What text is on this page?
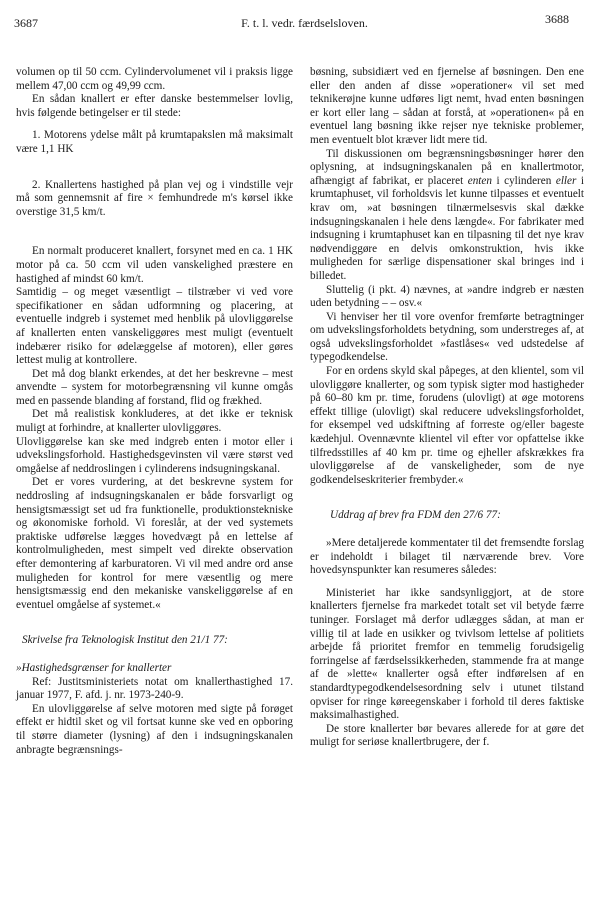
3687	F. t. l. vedr. færdselsloven.	3688

volumen op til 50 ccm. Cylindervolumenet vil i praksis ligge mellem 47,00 ccm og 49,99 ccm.

En sådan knallert er efter danske bestemmelser lovlig, hvis følgende betingelser er til stede:

1. Motorens ydelse målt på krumtapakslen må maksimalt være 1,1 HK

2. Knallertens hastighed på plan vej og i vindstille vejr må som gennemsnit af fire × femhundrede m's kørsel ikke overstige 31,5 km/t.

En normalt produceret knallert, forsynet med en ca. 1 HK motor på ca. 50 ccm vil uden vanskelighed præstere en hastighed af mindst 60 km/t.

Samtidig – og meget væsentligt – tilstræber vi ved vore specifikationer en sådan udformning og placering, at eventuelle indgreb i systemet med henblik på ulovliggørelse af knallerten enten vanskeliggøres mest muligt (eventuelt indebærer risiko for ødelæggelse af motoren), eller gøres lettest mulig at kontrollere.

Det må dog blankt erkendes, at det her beskrevne – mest anvendte – system for motorbegrænsning vil kunne omgås med en passende blanding af forstand, flid og frækhed.

Det må realistisk konkluderes, at det ikke er teknisk muligt at forhindre, at knallerter ulovliggøres.

Ulovliggørelse kan ske med indgreb enten i motor eller i udvekslingsforhold. Hastighedsgevinsten vil være størst ved omgåelse af neddroslingen i cylinderens indsugningskanal.

Det er vores vurdering, at det beskrevne system for neddrosling af indsugningskanalen er både forsvarligt og hensigtsmæssigt set ud fra funktionelle, produktionstekniske og økonomiske forhold. Vi foreslår, at der ved systemets praktiske udførelse lægges hovedvægt på en lettelse af kontrolmuligheden, mest simpelt ved direkte observation efter demontering af karburatoren. Vi vil med andre ord anse muligheden for kontrol for mere væsentlig og mere hensigtsmæssig end den mekaniske vanskeliggørelse af en eventuel omgåelse af systemet.«

Skrivelse fra Teknologisk Institut den 21/1 77:

»Hastighedsgrænser for knallerter

Ref: Justitsministeriets notat om knallerthastighed 17. januar 1977, F. afd. j. nr. 1973-240-9.

En ulovliggørelse af selve motoren med sigte på forøget effekt er hidtil sket og vil fortsat kunne ske ved en opboring til større diameter (lysning) af den i indsugningskanalen anbragte begrænsnings-

bøsning, subsidiært ved en fjernelse af bøsningen. Den ene eller den anden af disse »operationer« vil set med teknikerøjne kunne udføres ligt nemt, hvad enten bøsningen er kort eller lang – sådan at forstå, at »operationen« på en eventuel lang bøsning ikke rejser nye tekniske problemer, men eventuelt blot kræver lidt mere tid.

Til diskussionen om begrænsningsbøsninger hører den oplysning, at indsugningskanalen på en knallertmotor, afhængigt af fabrikat, er placeret enten i cylinderen eller i krumtaphuset, vil forholdsvis let kunne tilpasses et eventuelt krav om, »at bøsningen tilnærmelsesvis skal dække indsugningskanalen i hele dens længde«. For fabrikater med indsugning i krumtaphuset kan en tilpasning til det nye krav nødvendiggøre en delvis omkonstruktion, hvis ikke muligheden for særlige dispensationer skal bringes ind i billedet.

Sluttelig (i pkt. 4) nævnes, at »andre indgreb er næsten uden betydning – – osv.«

Vi henviser her til vore ovenfor fremførte betragtninger om udvekslingsforholdets betydning, som understreges af, at også udvekslingsforholdet »fastlåses« ved udstedelse af typegodkendelse.

For en ordens skyld skal påpeges, at den klientel, som vil ulovliggøre knallerter, og som typisk sigter mod hastigheder på 60–80 km pr. time, forudens (ulovligt) at øge motorens effekt tillige (ulovligt) skal reducere udvekslingsforholdet, for eksempel ved udskiftning af forreste og/eller bageste kædehjul. Ovennævnte klientel vil efter vor opfattelse ikke tilfredsstilles af 40 km pr. time og ejheller afskrækkes fra ulovliggørelse af de vanskeligheder, som de nye godkendelseskriterier frembyder.«

Uddrag af brev fra FDM den 27/6 77:

»Mere detaljerede kommentater til det fremsendte forslag er indeholdt i bilaget til nærværende brev. Vore hovedsynspunkter kan resumeres således:

Ministeriet har ikke sandsynliggjort, at de store knallerters fjernelse fra markedet totalt set vil betyde færre tuninger. Forslaget må derfor udlægges sådan, at man er villig til at lade en usikker og tvivlsom lettelse af politiets arbejde få prioritet fremfor en temmelig forudsigelig forringelse af færdselssikkerheden, stammende fra at mange af de »lette« knallerter også efter indførelsen af en standardtypegodkendelsesordning selv i utunet tilstand opviser for ringe køreegenskaber i forhold til deres faktiske maksimalhastighed.

De store knallerter bør bevares allerede for at gøre det muligt for seriøse knallertbrugere, der f.
